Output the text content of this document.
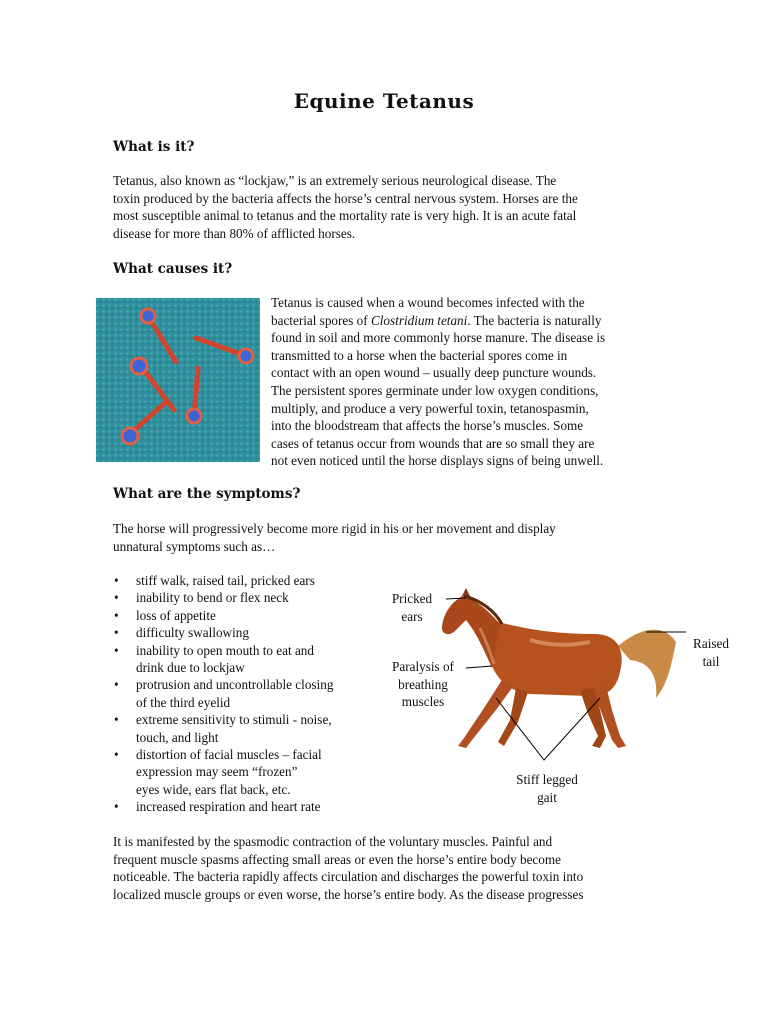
Equine Tetanus
What is it?
Tetanus, also known as “lockjaw,” is an extremely serious neurological disease. The
toxin produced by the bacteria affects the horse’s central nervous system. Horses are the
most susceptible animal to tetanus and the mortality rate is very high. It is an acute fatal
disease for more than 80% of afflicted horses.
What causes it?
Tetanus is caused when a wound becomes infected with the
bacterial spores of Clostridium tetani. The bacteria is naturally
found in soil and more commonly horse manure. The disease is
transmitted to a horse when the bacterial spores come in
contact with an open wound – usually deep puncture wounds.
The persistent spores germinate under low oxygen conditions,
multiply, and produce a very powerful toxin, tetanospasmin,
into the bloodstream that affects the horse’s muscles. Some
cases of tetanus occur from wounds that are so small they are
not even noticed until the horse displays signs of being unwell.
What are the symptoms?
The horse will progressively become more rigid in his or her movement and display
unnatural symptoms such as…
• stiff walk, raised tail, pricked ears
• inability to bend or flex neck
• loss of appetite
• difficulty swallowing
• inability to open mouth to eat and
drink due to lockjaw
• protrusion and uncontrollable closing
of the third eyelid
• extreme sensitivity to stimuli - noise,
touch, and light
• distortion of facial muscles – facial
expression may seem “frozen”
eyes wide, ears flat back, etc.
• increased respiration and heart rate
Pricked
ears
Raised
tail
Paralysis of
breathing
muscles
Stiff legged
gait
It is manifested by the spasmodic contraction of the voluntary muscles. Painful and
frequent muscle spasms affecting small areas or even the horse’s entire body become
noticeable. The bacteria rapidly affects circulation and discharges the powerful toxin into
localized muscle groups or even worse, the horse’s entire body. As the disease progresses
